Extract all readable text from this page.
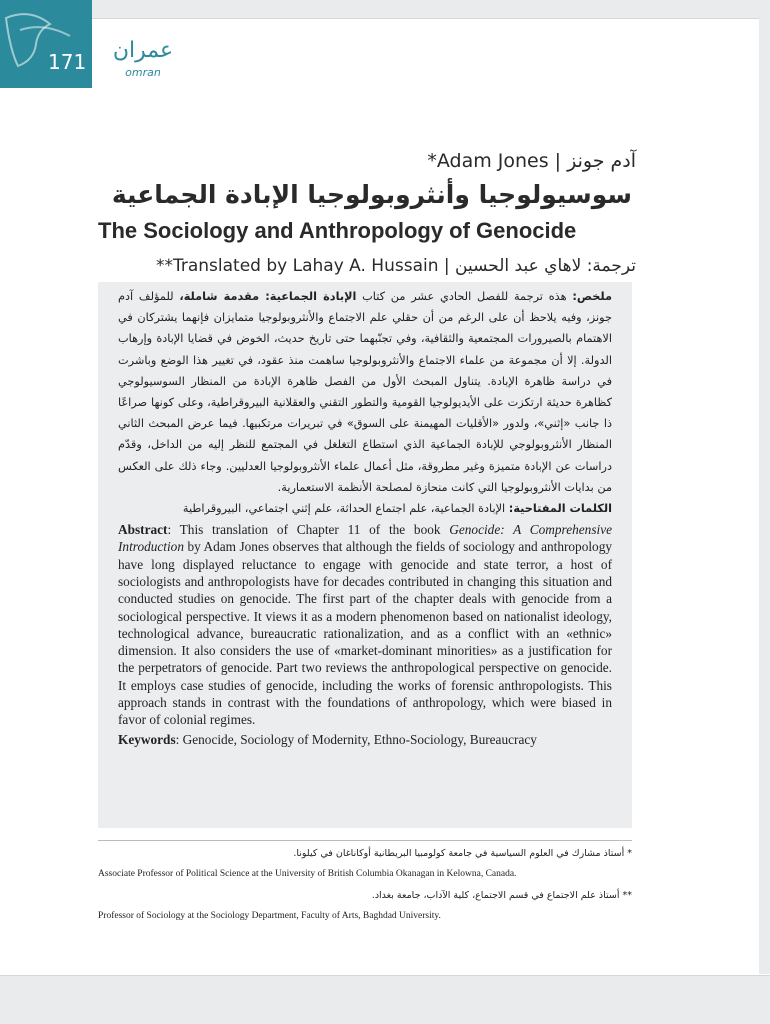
171 عمران
omran
*Adam Jones | آدم جونز
سوسيولوجيا وأنثروبولوجيا الإبادة الجماعية
The Sociology and Anthropology of Genocide
**Translated by Lahay A. Hussain | ترجمة: لاهاي عبد الحسين
ملخص: هذه ترجمة للفصل الحادي عشر من كتاب الإبادة الجماعية: مقدمة شاملة، للمؤلف آدم جونز، وفيه يلاحظ أن على الرغم من أن حقلي علم الاجتماع والأنثروبولوجيا متمايزان فإنهما يشتركان في الاهتمام بالصيرورات المجتمعية والثقافية، وفي تجنّبهما حتى تاريخ حديث، الخوض في قضايا الإبادة وإرهاب الدولة. إلا أن مجموعة من علماء الاجتماع والأنثروبولوجيا ساهمت منذ عقود، في تغيير هذا الوضع وباشرت في دراسة ظاهرة الإبادة. يتناول المبحث الأول من الفصل ظاهرة الإبادة من المنظار السوسيولوجي كظاهرة حديثة ارتكزت على الأيديولوجيا القومية والتطور التقني والعقلانية البيروقراطية، وعلى كونها صراعًا ذا جانب «إثني»، ولدور «الأقليات المهيمنة على السوق» في تبريرات مرتكبيها. فيما عرض المبحث الثاني المنظار الأنثروبولوجي للإبادة الجماعية الذي استطاع التغلغل في المجتمع للنظر إليه من الداخل، وقدّم دراسات عن الإبادة متميزة وغير مطروقة، مثل أعمال علماء الأنثروبولوجيا العدليين. وجاء ذلك على العكس من بدايات الأنثروبولوجيا التي كانت منحازة لمصلحة الأنظمة الاستعمارية.
الكلمات المفتاحية: الإبادة الجماعية، علم اجتماع الحداثة، علم إثني اجتماعي، البيروقراطية
Abstract: This translation of Chapter 11 of the book Genocide: A Comprehensive Introduction by Adam Jones observes that although the fields of sociology and anthropology have long displayed reluctance to engage with genocide and state terror, a host of sociologists and anthropologists have for decades contributed in changing this situation and conducted studies on genocide. The first part of the chapter deals with genocide from a sociological perspective. It views it as a modern phenomenon based on nationalist ideology, technological advance, bureaucratic rationalization, and as a conflict with an «ethnic» dimension. It also considers the use of «market-dominant minorities» as a justification for the perpetrators of genocide. Part two reviews the anthropological perspective on genocide. It employs case studies of genocide, including the works of forensic anthropologists. This approach stands in contrast with the foundations of anthropology, which were biased in favor of colonial regimes.
Keywords: Genocide, Sociology of Modernity, Ethno-Sociology, Bureaucracy
* أستاذ مشارك في العلوم السياسية في جامعة كولومبيا البريطانية أوكاناغان في كيلونا.
Associate Professor of Political Science at the University of British Columbia Okanagan in Kelowna, Canada.
** أستاذ علم الاجتماع في قسم الاجتماع، كلية الآداب، جامعة بغداد.
Professor of Sociology at the Sociology Department, Faculty of Arts, Baghdad University.
